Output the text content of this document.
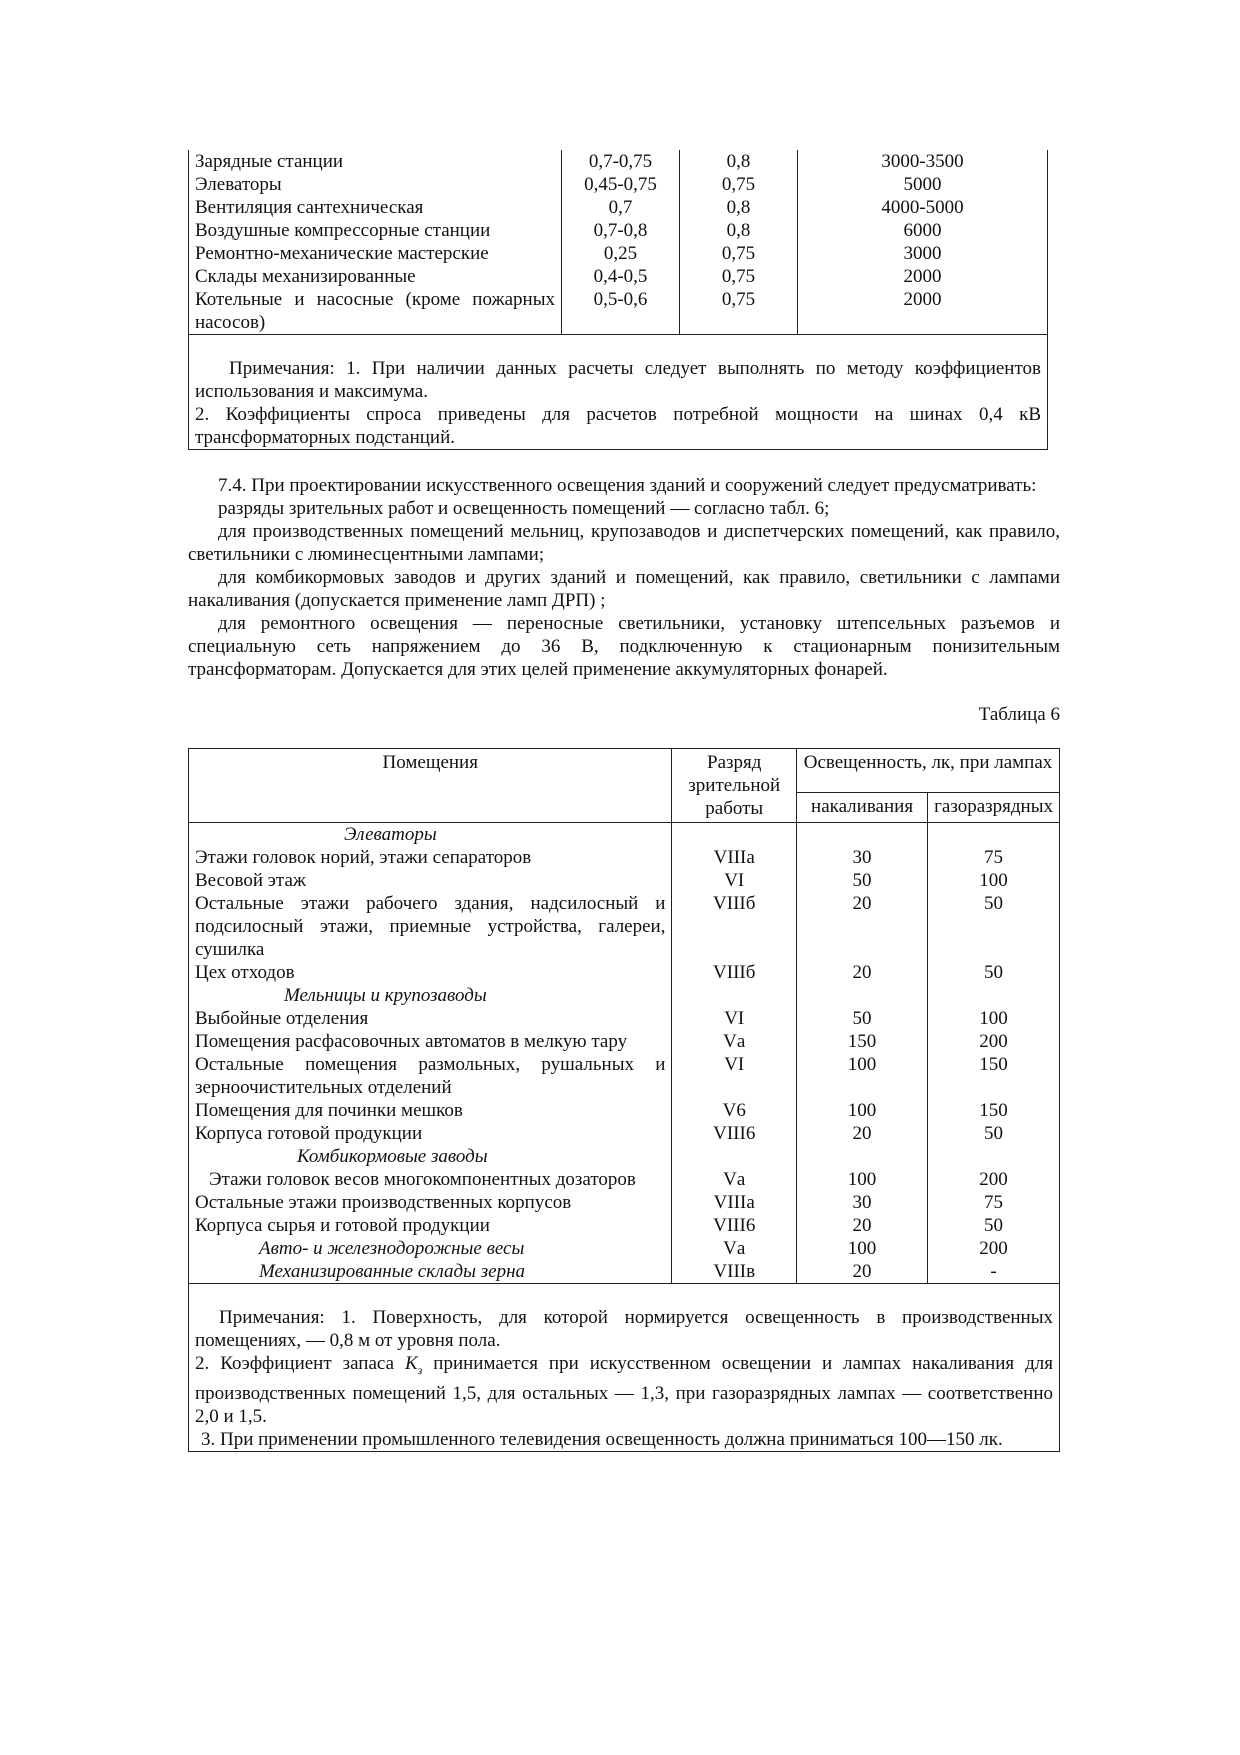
Зарядные станции	0,7-0,75	0,8	3000-3500
Элеваторы	0,45-0,75	0,75	5000
Вентиляция сантехническая	0,7	0,8	4000-5000
Воздушные компрессорные станции	0,7-0,8	0,8	6000
Ремонтно-механические мастерские	0,25	0,75	3000
Склады механизированные	0,4-0,5	0,75	2000
Котельные и насосные (кроме пожарных насосов)	0,5-0,6	0,75	2000

Примечания: 1. При наличии данных расчеты следует выполнять по методу коэффициентов использования и максимума.

2. Коэффициенты спроса приведены для расчетов потребной мощности на шинах 0,4 кВ трансформаторных подстанций.			

7.4. При проектировании искусственного освещения зданий и сооружений следует предусматривать:

разряды зрительных работ и освещенность помещений — согласно табл. 6;

для производственных помещений мельниц, крупозаводов и диспетчерских помещений, как правило, светильники с люминесцентными лампами;

для комбикормовых заводов и других зданий и помещений, как правило, светильники с лампами накаливания (допускается применение ламп ДРП) ;

для ремонтного освещения — переносные светильники, установку штепсельных разъемов и специальную сеть напряжением до 36 В, подключенную к стационарным понизительным трансформаторам. Допускается для этих целей применение аккумуляторных фонарей.

Таблица 6
Помещения	Разряд зрительной работы	Освещенность, лк, при лампах	
		накаливания	газоразрядных
Элеваторы			
Этажи головок норий, этажи сепараторов	VIIIа	30	75
Весовой этаж	VI	50	100
Остальные этажи рабочего здания, надсилосный и подсилосный этажи, приемные устройства, галереи, сушилка	VIIIб	20	50
Цех отходов	VIIIб	20	50
Мельницы и крупозаводы			
Выбойные отделения	VI	50	100
Помещения расфасовочных автоматов в мелкую тару	Vа	150	200
Остальные помещения размольных, рушальных и зерноочистительных отделений	VI	100	150
Помещения для починки мешков	V6	100	150
Корпуса готовой продукции	VIII6	20	50
Комбикормовые заводы			
Этажи головок весов многокомпонентных дозаторов	Vа	100	200
Остальные этажи производственных корпусов	VIIIа	30	75
Корпуса сырья и готовой продукции	VIII6	20	50
Авто- и железнодорожные весы	Vа	100	200
Механизированные склады зерна	VIIIв	20	-

Примечания: 1. Поверхность, для которой нормируется освещенность в производственных помещениях, — 0,8 м от уровня пола.

2. Коэффициент запаса $К_з$ принимается при искусственном освещении и лампах накаливания для производственных помещений 1,5, для остальных — 1,3, при газоразрядных лампах — соответственно 2,0 и 1,5.

3. При применении промышленного телевидения освещенность должна приниматься 100—150 лк.			
